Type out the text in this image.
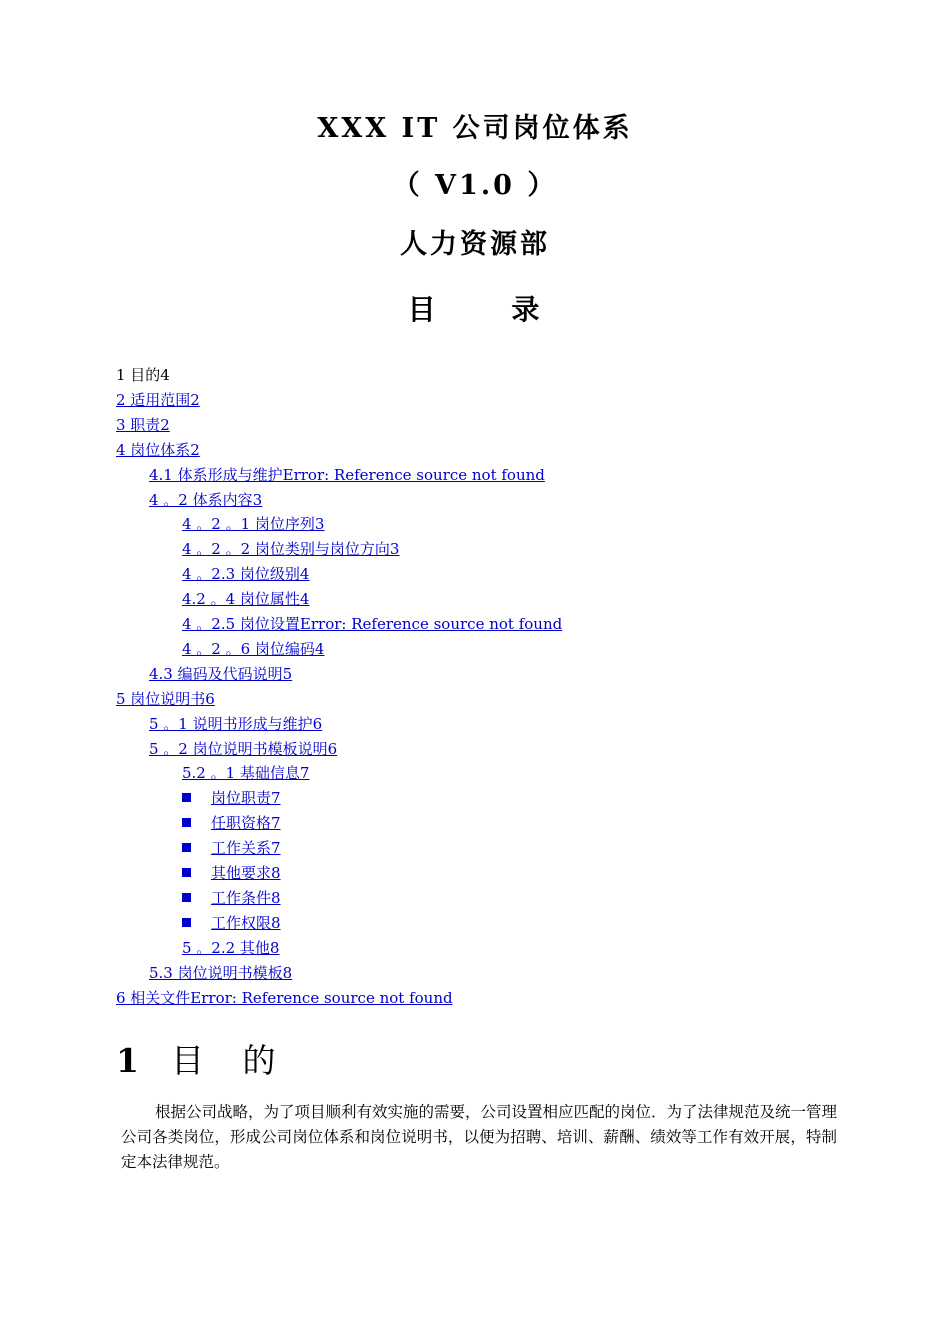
XXX IT 公司岗位体系
（ V1.0 ）
人力资源部
目 录
1 目的4
2 适用范围2
3 职责2
4 岗位体系2
4.1 体系形成与维护Error: Reference source not found
4 。2 体系内容3
4 。2 。1 岗位序列3
4 。2 。2 岗位类别与岗位方向3
4 。2.3 岗位级别4
4.2 。4 岗位属性4
4 。2.5 岗位设置Error: Reference source not found
4 。2 。6 岗位编码4
4.3 编码及代码说明5
5 岗位说明书6
5 。1 说明书形成与维护6
5 。2 岗位说明书模板说明6
5.2 。1 基础信息7
岗位职责7
任职资格7
工作关系7
其他要求8
工作条件8
工作权限8
5 。2.2 其他8
5.3 岗位说明书模板8
6 相关文件Error: Reference source not found
1 目 的

根据公司战略，为了项目顺利有效实施的需要，公司设置相应匹配的岗位．为了法律规范及统一管理公司各类岗位，形成公司岗位体系和岗位说明书，以便为招聘、培训、薪酬、绩效等工作有效开展，特制定本法律规范。
